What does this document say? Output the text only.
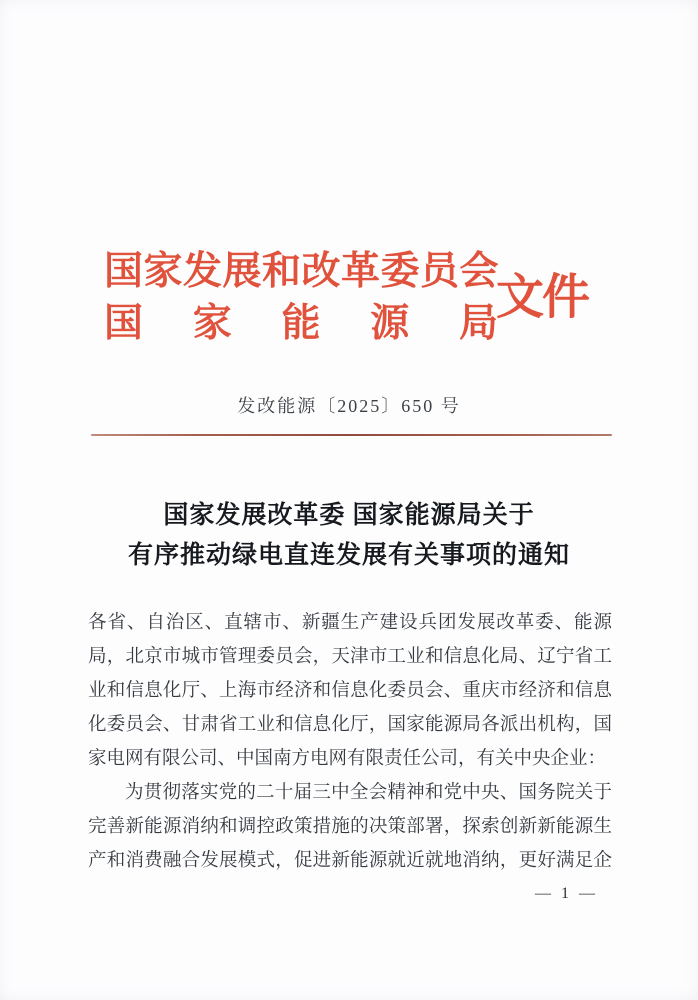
国家发展和改革委员会
国 家 能 源 局
文件
发改能源〔2025〕650 号
国家发展改革委 国家能源局关于
有序推动绿电直连发展有关事项的通知
各省、自治区、直辖市、新疆生产建设兵团发展改革委、能源
局，北京市城市管理委员会，天津市工业和信息化局、辽宁省工
业和信息化厅、上海市经济和信息化委员会、重庆市经济和信息
化委员会、甘肃省工业和信息化厅，国家能源局各派出机构，国
家电网有限公司、中国南方电网有限责任公司，有关中央企业：
为贯彻落实党的二十届三中全会精神和党中央、国务院关于
完善新能源消纳和调控政策措施的决策部署，探索创新新能源生
产和消费融合发展模式，促进新能源就近就地消纳，更好满足企
— 1 —
